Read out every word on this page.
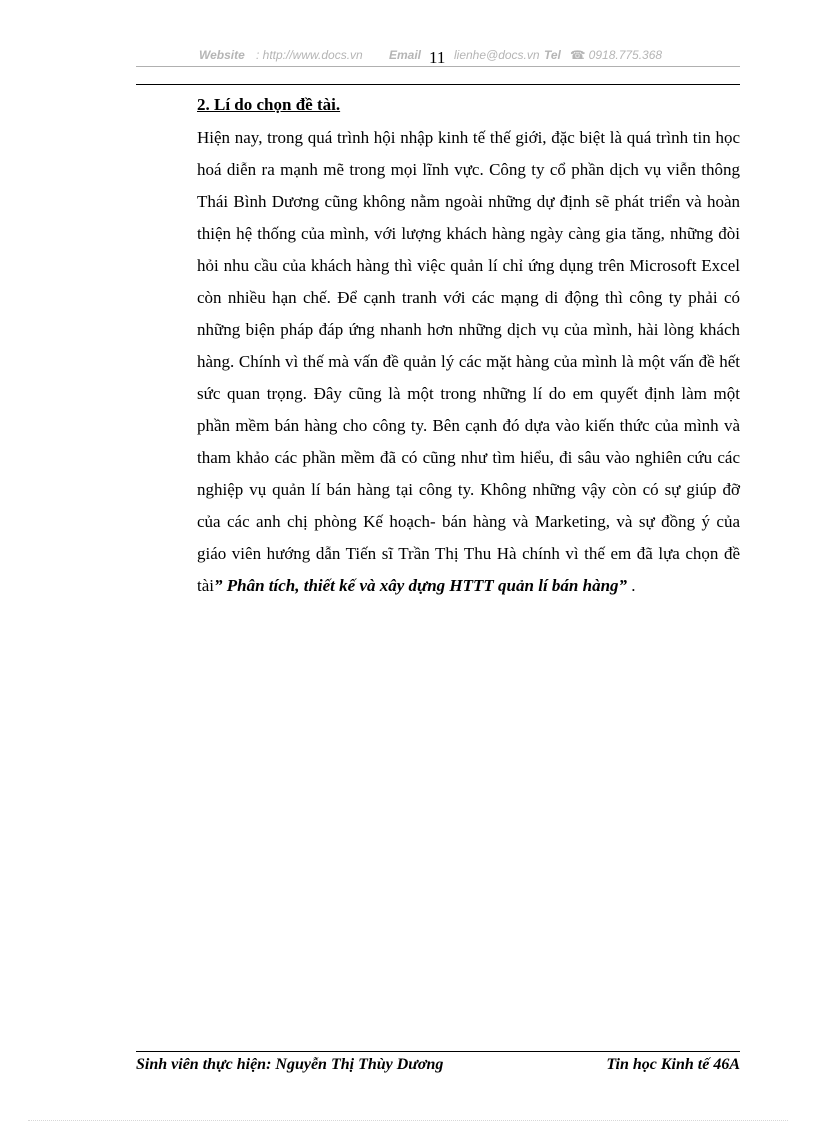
Website : http://www.docs.vn Email	lienhe@docs.vn Tel ☎
: 0918.775.368
11
2. Lí do chọn đề tài.

Hiện nay, trong quá trình hội nhập kinh tế thế giới, đặc biệt là quá trình tin học hoá diễn ra mạnh mẽ trong mọi lĩnh vực. Công ty cổ phần dịch vụ viễn thông Thái Bình Dương cũng không nằm ngoài những dự định sẽ phát triển và hoàn thiện hệ thống của mình, với lượng khách hàng ngày càng gia tăng, những đòi hỏi nhu cầu của khách hàng thì việc quản lí chỉ ứng dụng trên Microsoft Excel còn nhiều hạn chế. Để cạnh tranh với các mạng di động thì công ty phải có những biện pháp đáp ứng nhanh hơn những dịch vụ của mình, hài lòng khách hàng. Chính vì thế mà vấn đề quản lý các mặt hàng của mình là một vấn đề hết sức quan trọng. Đây cũng là một trong những lí do em quyết định làm một phần mềm bán hàng cho công ty. Bên cạnh đó dựa vào kiến thức của mình và tham khảo các phần mềm đã có cũng như tìm hiểu, đi sâu vào nghiên cứu các nghiệp vụ quản lí bán hàng tại công ty. Không những vậy còn có sự giúp đỡ của các anh chị phòng Kế hoạch- bán hàng và Marketing, và sự đồng ý của giáo viên hướng dẫn Tiến sĩ Trần Thị Thu Hà chính vì thế em đã lựa chọn đề tài” Phân tích, thiết kế và xây dựng HTTT quản lí bán hàng” .

Sinh viên thực hiện: Nguyễn Thị Thùy Dương	Tin học Kinh tế 46A
